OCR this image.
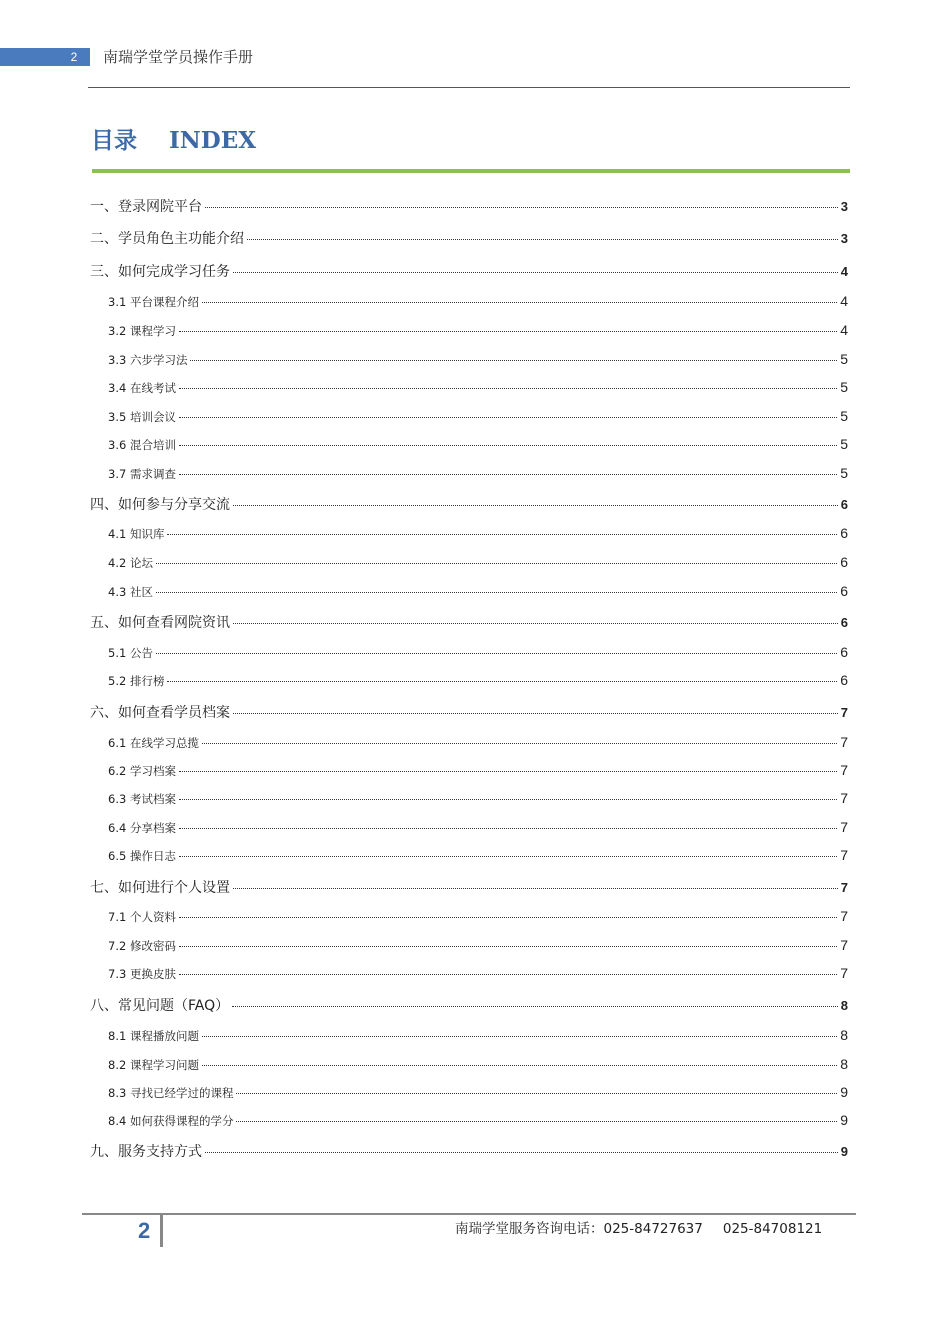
2	南瑞学堂学员操作手册
目录 INDEX
一、登录网院平台	3
二、学员角色主功能介绍	3
三、如何完成学习任务	4
3.1 平台课程介绍	4
3.2 课程学习	4
3.3 六步学习法	5
3.4 在线考试	5
3.5 培训会议	5
3.6 混合培训	5
3.7 需求调查	5
四、如何参与分享交流	6
4.1 知识库	6
4.2 论坛	6
4.3 社区	6
五、如何查看网院资讯	6
5.1 公告	6
5.2 排行榜	6
六、如何查看学员档案	7
6.1 在线学习总揽	7
6.2 学习档案	7
6.3 考试档案	7
6.4 分享档案	7
6.5 操作日志	7
七、如何进行个人设置	7
7.1 个人资料	7
7.2 修改密码	7
7.3 更换皮肤	7
八、常见问题（FAQ）	8
8.1 课程播放问题	8
8.2 课程学习问题	8
8.3 寻找已经学过的课程	9
8.4 如何获得课程的学分	9
九、服务支持方式	9
2	南瑞学堂服务咨询电话：025-84727637 025-84708121
